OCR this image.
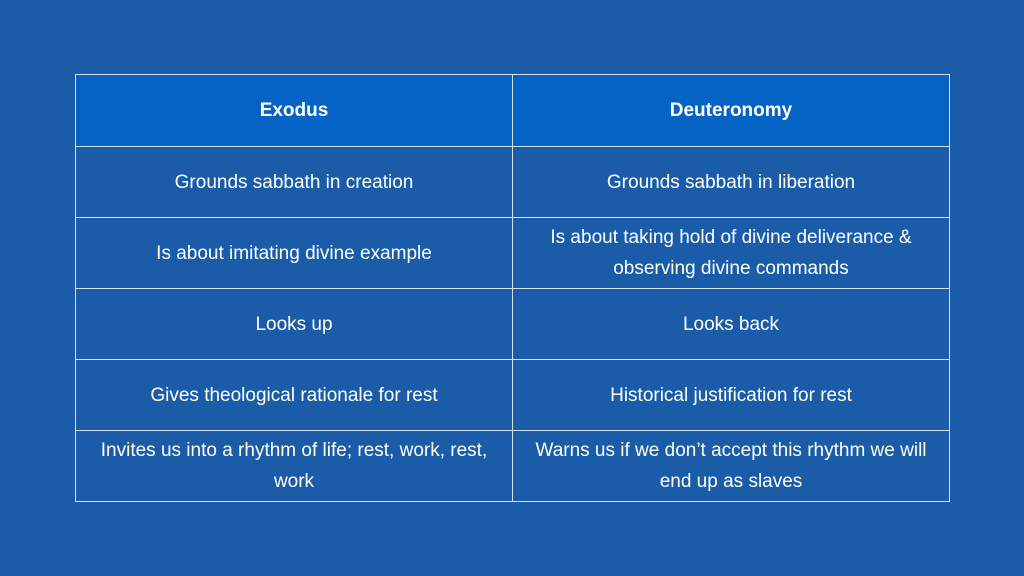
Exodus	Deuteronomy
Grounds sabbath in creation	Grounds sabbath in liberation
Is about imitating divine example	Is about taking hold of divine deliverance & observing divine commands
Looks up	Looks back
Gives theological rationale for rest	Historical justification for rest
Invites us into a rhythm of life; rest, work, rest, work	Warns us if we don’t accept this rhythm we will end up as slaves
